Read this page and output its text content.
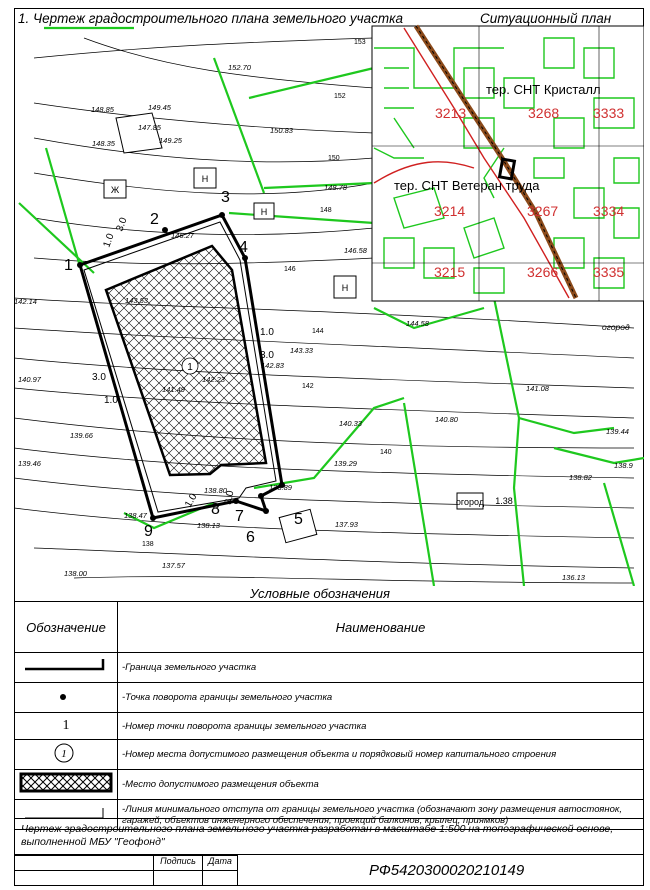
Ж
Н
Н
Н
огород 1.38
огород
1
2
3
4
5
6
7
8
9
1
3.0
1.0
3.0
1.0
1.0
3.0
3.0
1.0
152.70
148.85	149.45
147.85
148.35	149.25
150.83
148.78
146.27
146.58
142.14	143.53
144.58
143.33
142.83
140.97	142.23
141.49	141.08
139.66
140.33	140.80
139.44
139.46	139.29
138.82
138.80	138.89
138.47
138.13	137.93
138.00
137.57
136.13
138.9
153
152
150
148
146
144
142
140
138
3213	3268 3333
3214	3267 3334
3215	3266 3335
тер. СНТ Кристалл
тер. СНТ Ветеран труда
1. Чертеж градостроительного плана земельного участка	Ситуационный план
Условные обозначения
Обозначение	Наименование
	-Граница земельного участка
	-Точка поворота границы земельного участка
1	-Номер точки поворота границы земельного участка

1	-Номер места допустимого размещения объекта и порядковый номер капитального строения
	-Место допустимого размещения объекта
	-Линия минимального отступа от границы земельного участка (обозначают зону размещения автостоянок, гаражей, объектов инженерного обеспечения, проекций балконов, крылец, приямков)
Чертеж градостроительного плана земельного участка разработан в масштабе 1:500 на топографической основе, выполненной МБУ "Геофонд"
Подпись	Дата
РФ5420300020210149
